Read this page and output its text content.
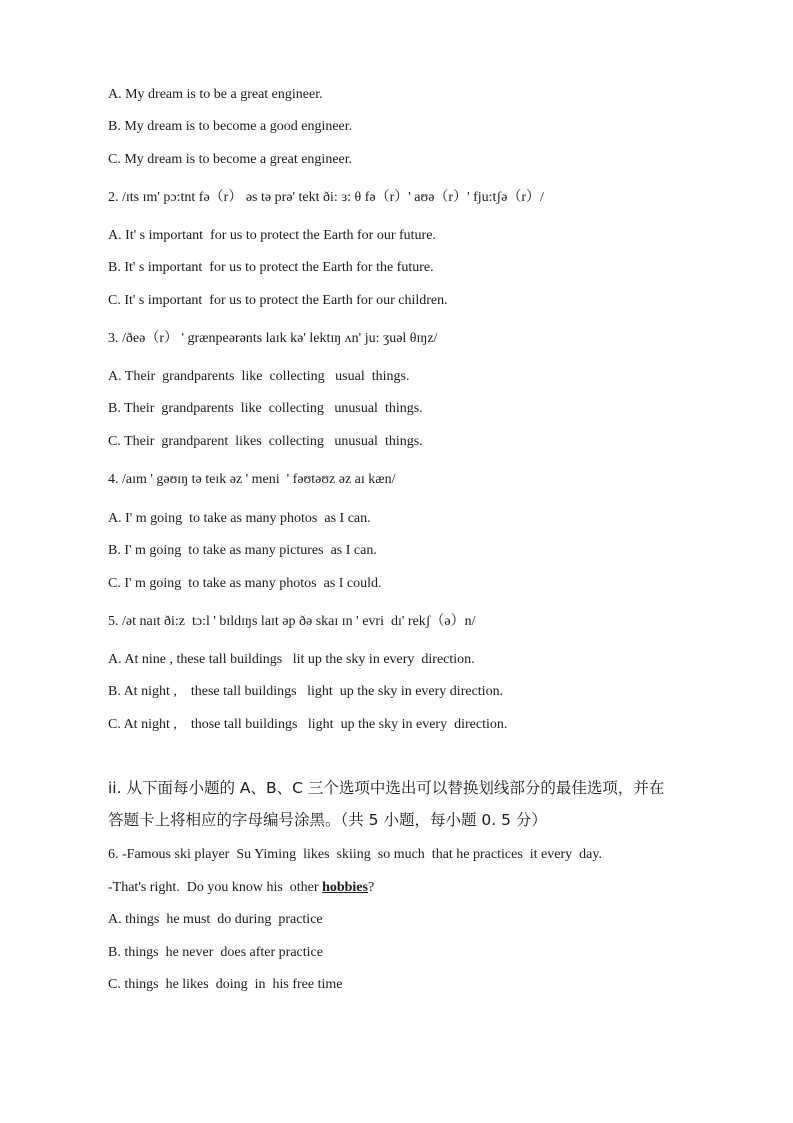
A. My dream is to be a great engineer.
B. My dream is to become a good engineer.
C. My dream is to become a great engineer.
2. /ɪts ɪm' pɔ:tnt fə（r） əs tə prə' tekt ði: ɜ: θ fə（r）' aʊə（r）' fju:tʃə（r）/
A. It' s important  for us to protect the Earth for our future.
B. It' s important  for us to protect the Earth for the future.
C. It' s important  for us to protect the Earth for our children.
3. /ðeə（r） ' grænpeərənts laɪk kə' lektɪŋ ʌn' ju: ʒuəl θɪŋz/
A. Their  grandparents  like  collecting   usual  things.
B. Their  grandparents  like  collecting   unusual  things.
C. Their  grandparent  likes  collecting   unusual  things.
4. /aɪm ' gəʊɪŋ tə teɪk əz ' meni  ' fəʊtəʊz əz aɪ kæn/
A. I' m going  to take as many photos  as I can.
B. I' m going  to take as many pictures  as I can.
C. I' m going  to take as many photos  as I could.
5. /ət naɪt ði:z  tɔ:l ' bɪldɪŋs laɪt əp ðə skaɪ ɪn ' evri  dɪ' rekʃ（ə）n/
A. At nine , these tall buildings   lit up the sky in every  direction.
B. At night ,    these tall buildings   light  up the sky in every direction.
C. At night ,    those tall buildings   light  up the sky in every  direction.
ii. 从下面每小题的 A、B、C 三个选项中选出可以替换划线部分的最佳选项，并在
答题卡上将相应的字母编号涂黑。（共 5 小题，每小题 0. 5 分）
6. -Famous ski player  Su Yiming  likes  skiing  so much  that he practices  it every  day.
-That's right.  Do you know his  other hobbies?
A. things  he must  do during  practice
B. things  he never  does after practice
C. things  he likes  doing  in  his free time
